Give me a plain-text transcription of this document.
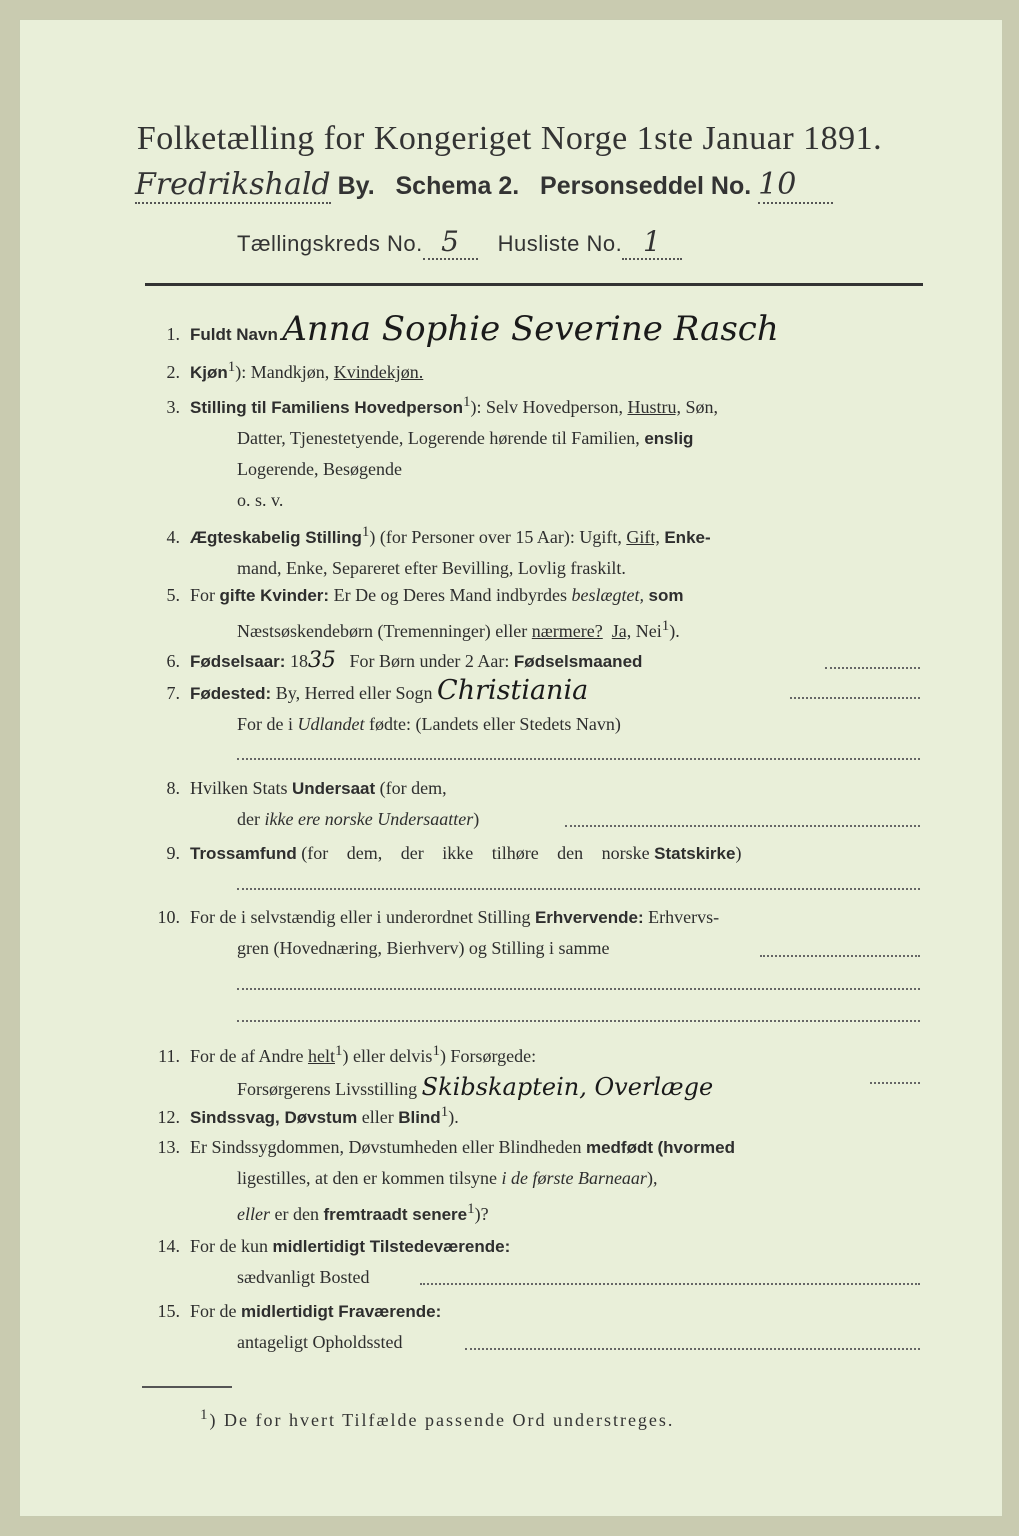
Folketælling for Kongeriget Norge 1ste Januar 1891.
Fredrikshald By. Schema 2. Personseddel No. 10
Tællingskreds No. 5 Husliste No. 1
1. Fuldt Navn Anna Sophie Severine Rasch
2. Kjøn$^1$): Mandkjøn, Kvindekjøn.
3. Stilling til Familiens Hovedperson$^1$): Selv Hovedperson, Hustru, Søn,
Datter, Tjenestetyende, Logerende hørende til Familien, enslig
Logerende, Besøgende
o. s. v.
4. Ægteskabelig Stilling$^1$) (for Personer over 15 Aar): Ugift, Gift, Enke-
mand, Enke, Separeret efter Bevilling, Lovlig fraskilt.
5. For gifte Kvinder: Er De og Deres Mand indbyrdes beslægtet, som
Næstsøskendebørn (Tremenninger) eller nærmere? Ja, Nei$^1$).
6. Fødselsaar: 1835 For Børn under 2 Aar: Fødselsmaaned
7. Fødested: By, Herred eller Sogn Christiania
For de i Udlandet fødte: (Landets eller Stedets Navn)
8. Hvilken Stats Undersaat (for dem,
der ikke ere norske Undersaatter)
9. Trossamfund (for dem, der ikke tilhøre den norske Statskirke)
10. For de i selvstændig eller i underordnet Stilling Erhvervende: Erhvervs-
gren (Hovednæring, Bierhverv) og Stilling i samme
11. For de af Andre helt$^1$) eller delvis$^1$) Forsørgede:
Forsørgerens Livsstilling Skibskaptein, Overlæge
12. Sindssvag, Døvstum eller Blind$^1$).
13. Er Sindssygdommen, Døvstumheden eller Blindheden medfødt (hvormed
ligestilles, at den er kommen tilsyne i de første Barneaar),
eller er den fremtraadt senere$^1$)?
14. For de kun midlertidigt Tilstedeværende:
sædvanligt Bosted
15. For de midlertidigt Fraværende:
antageligt Opholdssted
$^1$) De for hvert Tilfælde passende Ord understreges.
